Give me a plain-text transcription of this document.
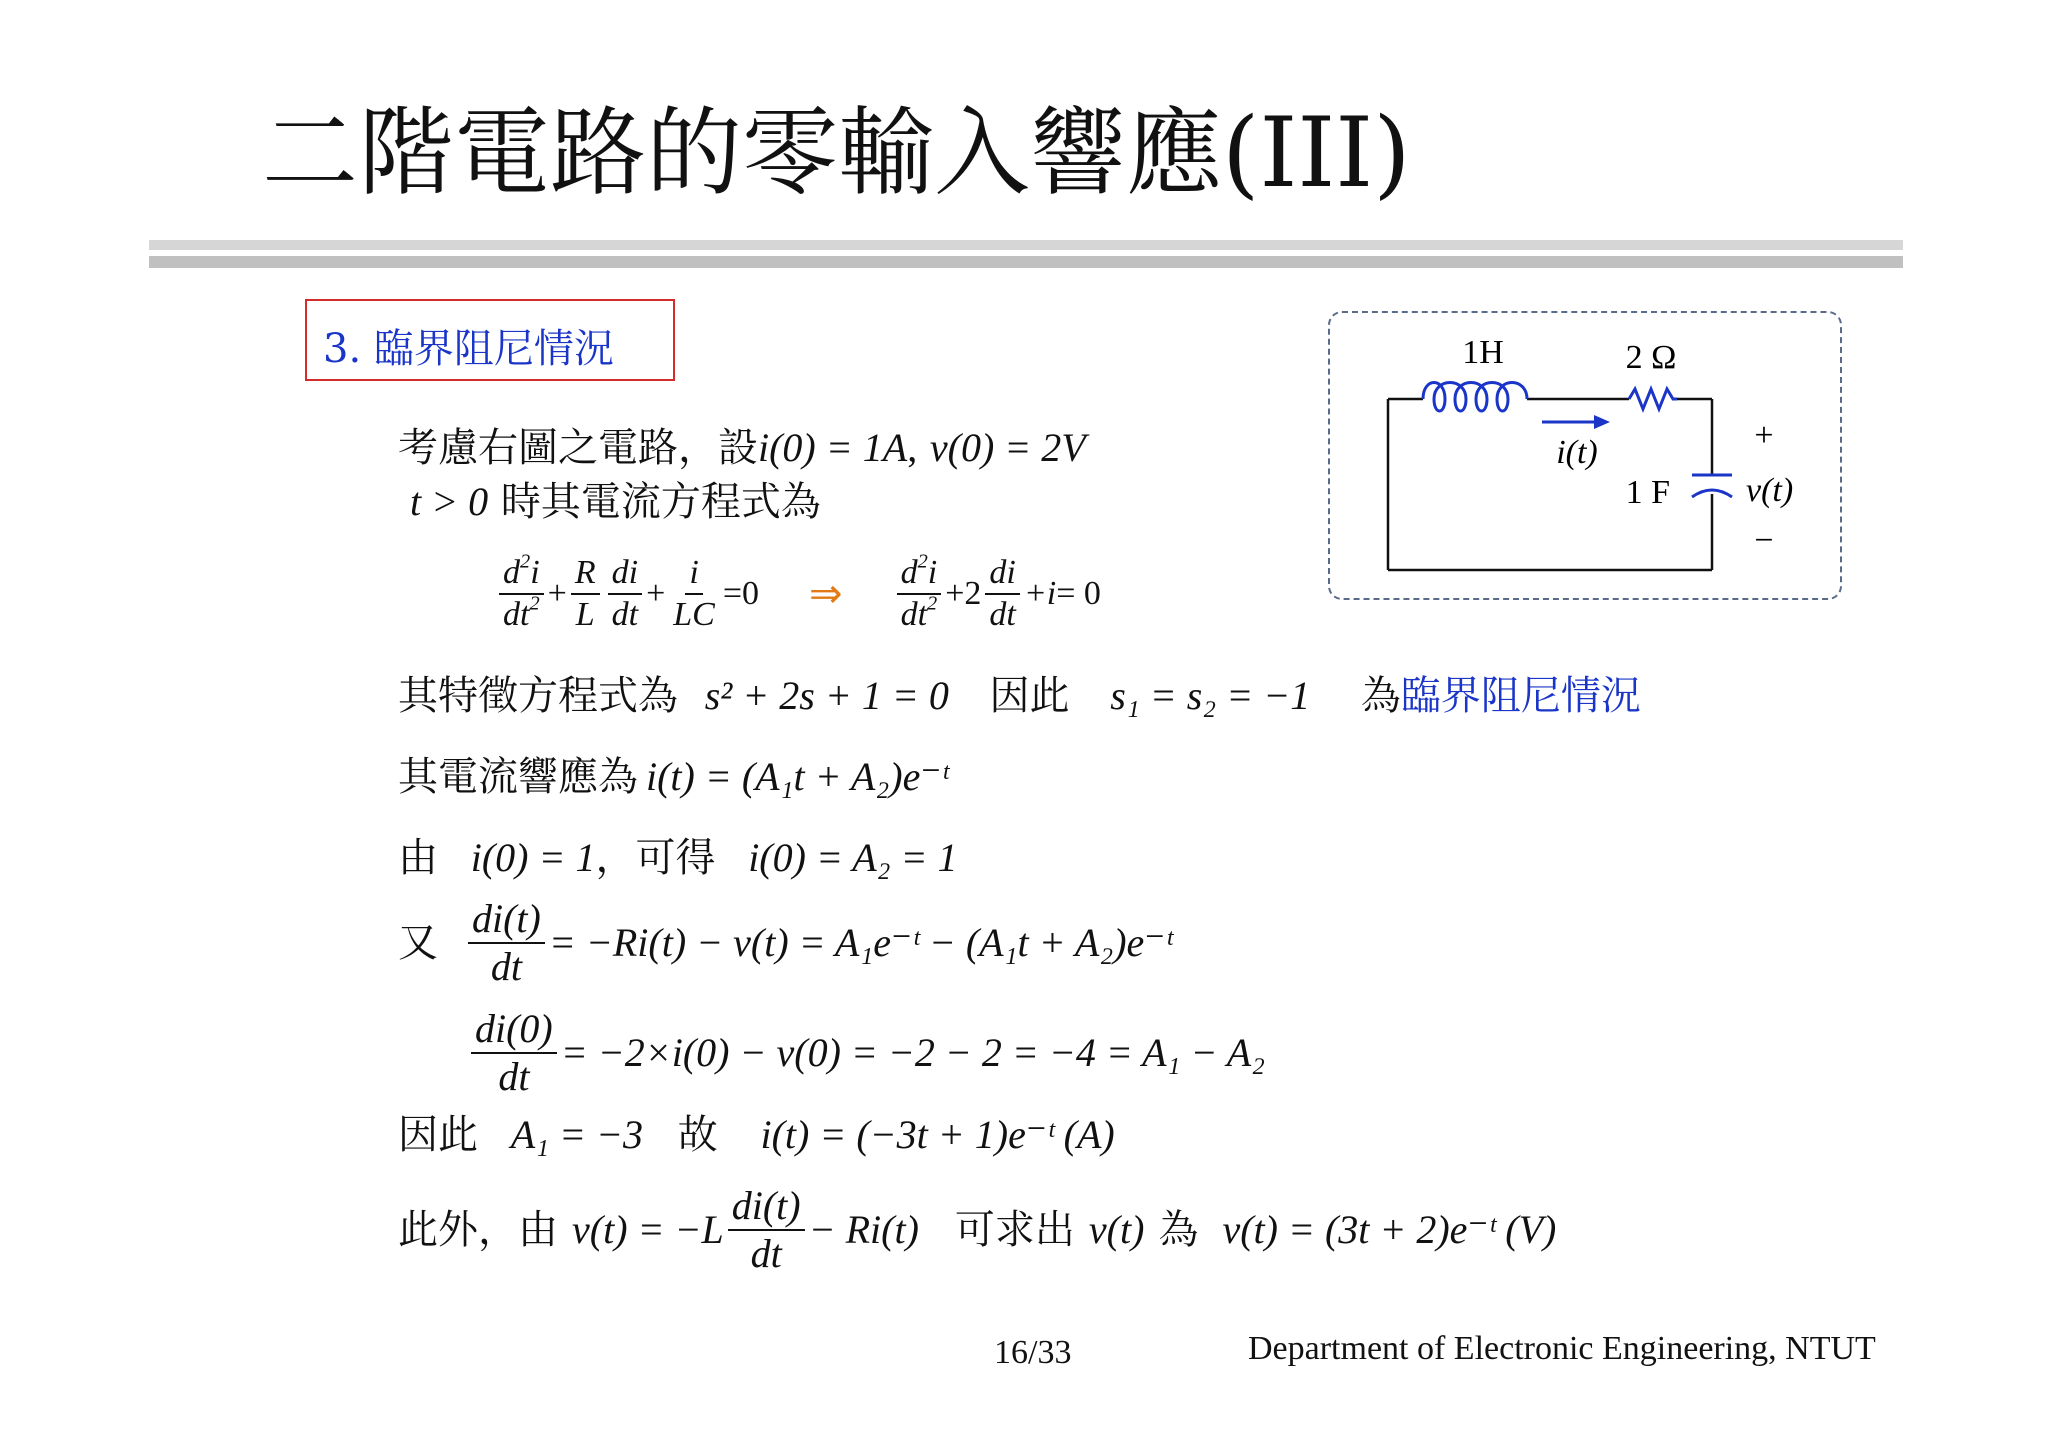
二階電路的零輸入響應(III)
3. 臨界阻尼情況	1H	2 Ω
i(t)
1 F v(t)
+
−
考慮右圖之電路，設i(0) = 1A, v(0) = 2V
t > 0 時其電流方程式為
$\frac{d^2i}{dt^2} + \frac{R}{L} \frac{di}{dt} + \frac{i}{LC} =0$ ⇒ $\frac{d^2i}{dt^2} +2 \frac{di}{dt} +i = 0$
其特徵方程式為 s² + 2s + 1 = 0 因此 s₁ = s₂ = −1 為臨界阻尼情況
其電流響應為 i(t) = (A₁t + A₂)e⁻ᵗ
由 i(0) = 1，可得 i(0) = A₂ = 1
又 $\frac{di(t)}{dt} = -Ri(t) - v(t)$ = A₁e⁻ᵗ − (A₁t + A₂)e⁻ᵗ
$\frac{di(0)}{dt} = -2\times i(0) - v(0) = -2 - 2 = -4 = A_1 - A_2$
因此 A₁ = −3 故 i(t) = (−3t + 1)e⁻ᵗ (A)
此外，由 $v(t) = -L \frac{di(t)}{dt} - Ri(t)$ 可求出 v(t) 為 v(t) = (3t + 2)e⁻ᵗ (V)
16/33	Department of Electronic Engineering, NTUT
